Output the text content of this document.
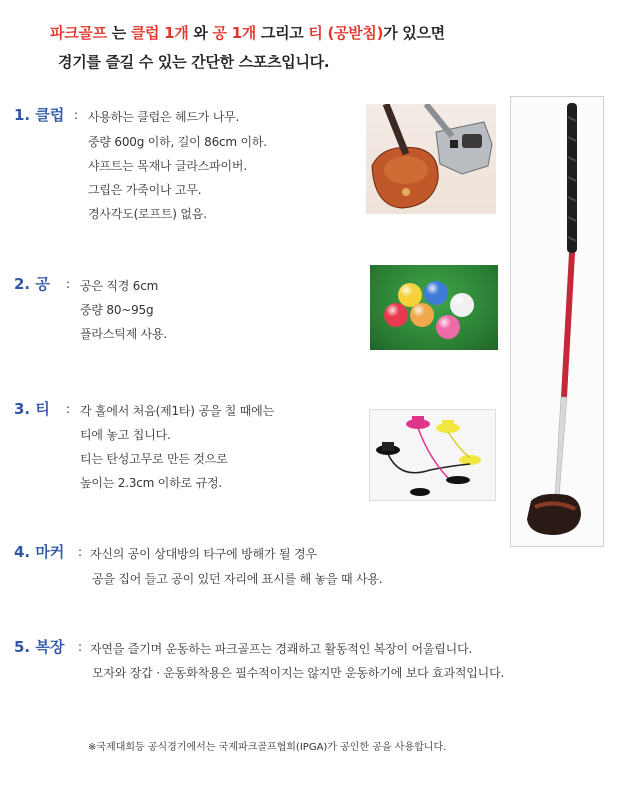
파크골프 는 클럽 1개 와 공 1개 그리고 티 (공받침)가 있으면
경기를 즐길 수 있는 간단한 스포츠입니다.
1. 클럽 : 사용하는 클럽은 헤드가 나무.
중량 600g 이하, 길이 86cm 이하.
샤프트는 목재나 글라스파이버.
그립은 가죽이나 고무.
경사각도(로프트) 없음.
2. 공 : 공은 직경 6cm
중량 80~95g
플라스틱제 사용.
3. 티 : 각 홀에서 처음(제1타) 공을 칠 때에는
티에 놓고 칩니다.
티는 탄성고무로 만든 것으로
높이는 2.3cm 이하로 규정.
4. 마커 : 자신의 공이 상대방의 타구에 방해가 될 경우
공을 집어 들고 공이 있던 자리에 표시를 해 놓을 때 사용.
5. 복장 : 자연을 즐기며 운동하는 파크골프는 경쾌하고 활동적인 복장이 어울립니다.
모자와 장갑 · 운동화착용은 필수적이지는 않지만 운동하기에 보다 효과적입니다.
※국제대회등 공식경기에서는 국제파크골프협회(IPGA)가 공인한 공을 사용합니다.
